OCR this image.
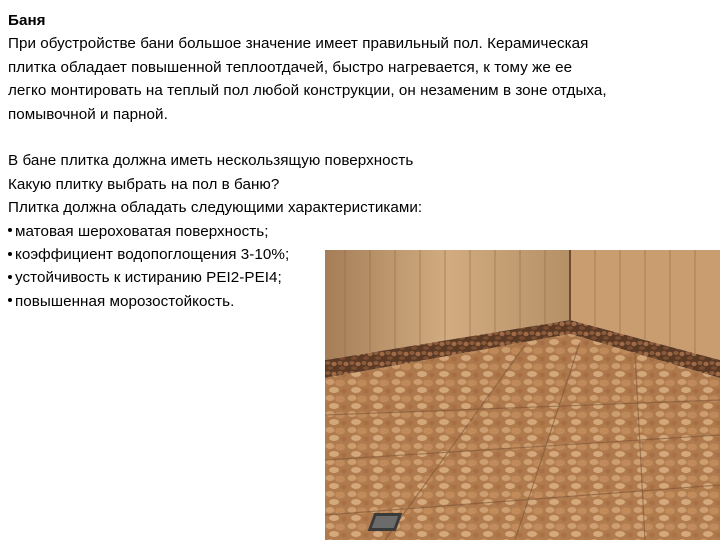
Баня
При обустройстве бани большое значение имеет правильный пол. Керамическая
плитка обладает повышенной теплоотдачей, быстро нагревается, к тому же ее
легко монтировать на теплый пол любой конструкции, он незаменим в зоне отдыха,
помывочной и парной.
В бане плитка должна иметь нескользящую поверхность
Какую плитку выбрать на пол в баню?
Плитка должна обладать следующими характеристиками:
матовая шероховатая поверхность;
коэффициент водопоглощения 3-10%;
устойчивость к истиранию PEI2-PEI4;
повышенная морозостойкость.
